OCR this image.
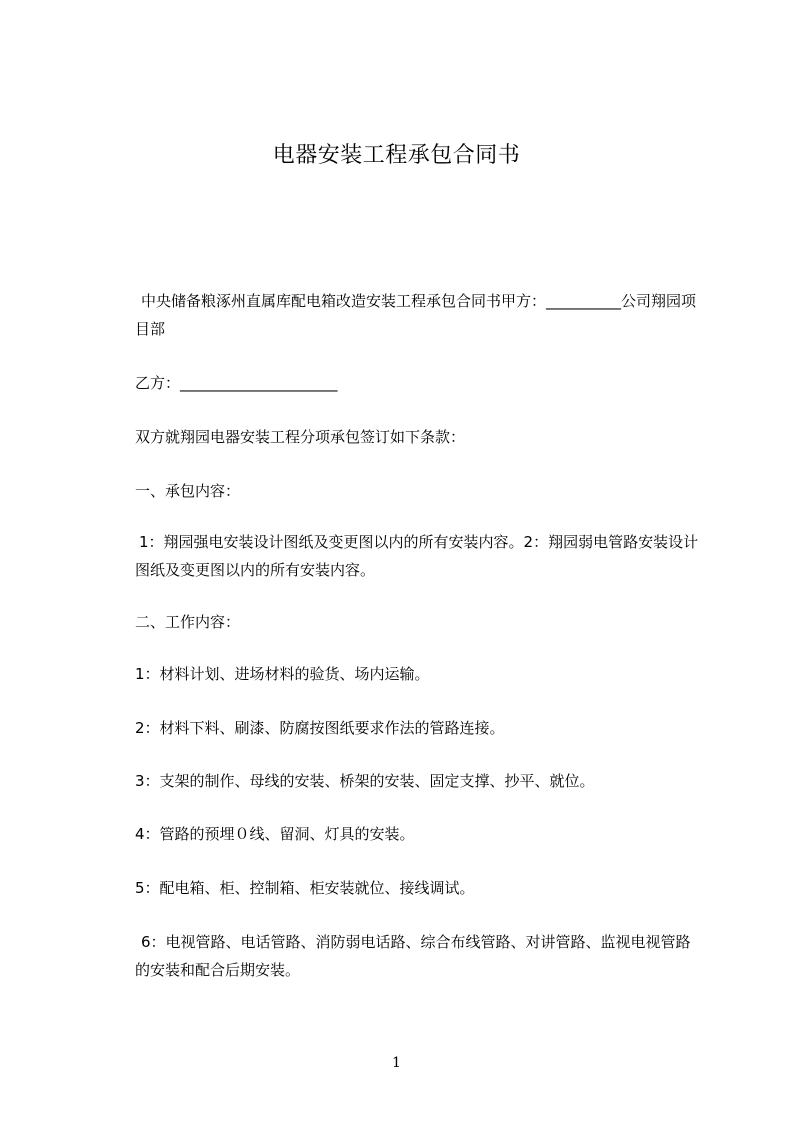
电器安装工程承包合同书
中央储备粮涿州直属库配电箱改造安装工程承包合同书甲方：__________公司翔园项目部
乙方：_____________________
双方就翔园电器安装工程分项承包签订如下条款：
一、承包内容：
1：翔园强电安装设计图纸及变更图以内的所有安装内容。2：翔园弱电管路安装设计图纸及变更图以内的所有安装内容。
二、工作内容：
1：材料计划、进场材料的验货、场内运输。
2：材料下料、刷漆、防腐按图纸要求作法的管路连接。
3：支架的制作、母线的安装、桥架的安装、固定支撑、抄平、就位。
4：管路的预埋０线、留洞、灯具的安装。
5：配电箱、柜、控制箱、柜安装就位、接线调试。
6：电视管路、电话管路、消防弱电话路、综合布线管路、对讲管路、监视电视管路的安装和配合后期安装。
1
